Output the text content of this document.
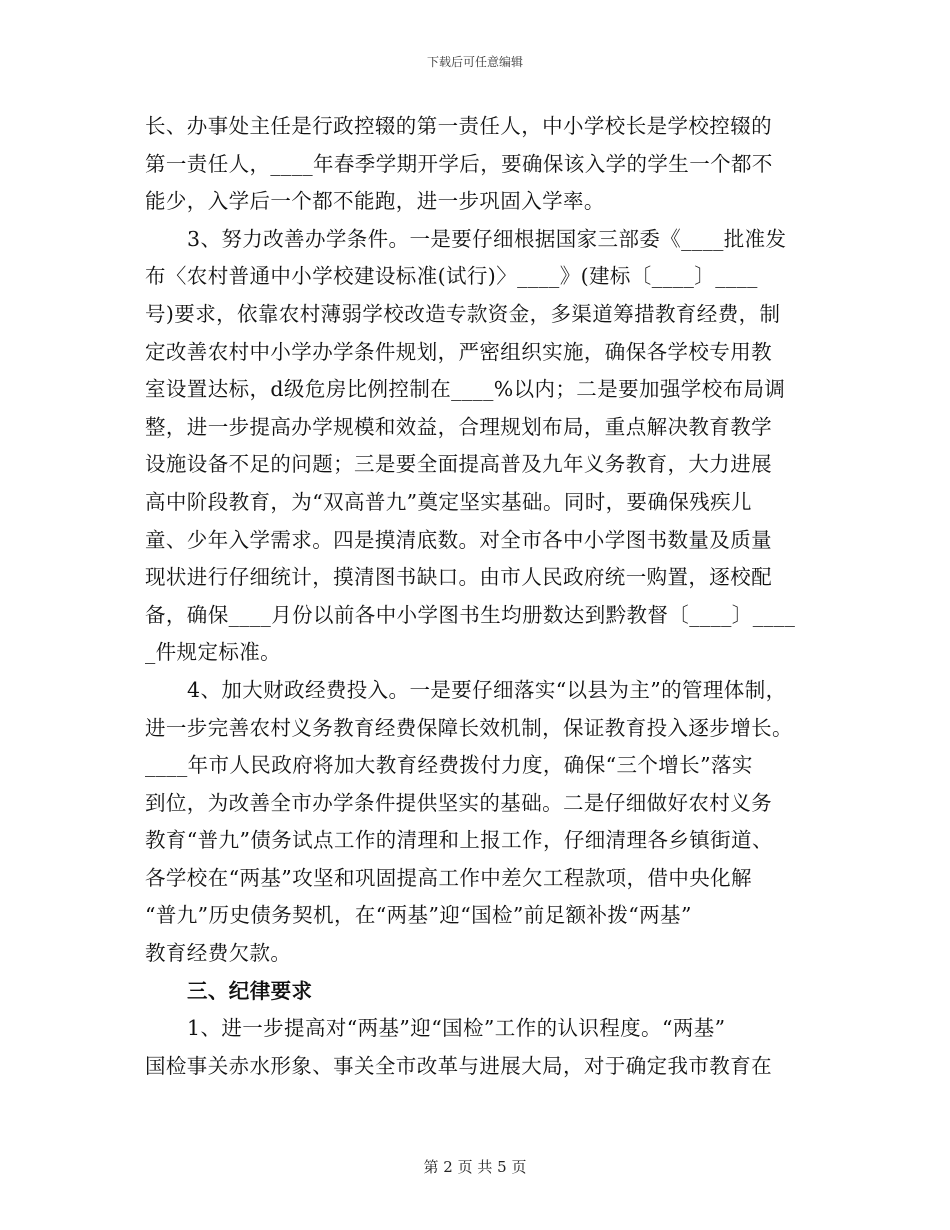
下载后可任意编辑
长、办事处主任是行政控辍的第一责任人，中小学校长是学校控辍的
第一责任人，____年春季学期开学后，要确保该入学的学生一个都不
能少，入学后一个都不能跑，进一步巩固入学率。
3、努力改善办学条件。一是要仔细根据国家三部委《____批准发
布〈农村普通中小学校建设标准(试行)〉____》(建标〔____〕____
号)要求，依靠农村薄弱学校改造专款资金，多渠道筹措教育经费，制
定改善农村中小学办学条件规划，严密组织实施，确保各学校专用教
室设置达标，d级危房比例控制在____%以内；二是要加强学校布局调
整，进一步提高办学规模和效益，合理规划布局，重点解决教育教学
设施设备不足的问题；三是要全面提高普及九年义务教育，大力进展
高中阶段教育，为“双高普九”奠定坚实基础。同时，要确保残疾儿
童、少年入学需求。四是摸清底数。对全市各中小学图书数量及质量
现状进行仔细统计，摸清图书缺口。由市人民政府统一购置，逐校配
备，确保____月份以前各中小学图书生均册数达到黔教督〔____〕____
_件规定标准。
4、加大财政经费投入。一是要仔细落实“以县为主”的管理体制，
进一步完善农村义务教育经费保障长效机制，保证教育投入逐步增长。
____年市人民政府将加大教育经费拨付力度，确保“三个增长”落实
到位，为改善全市办学条件提供坚实的基础。二是仔细做好农村义务
教育“普九”债务试点工作的清理和上报工作，仔细清理各乡镇街道、
各学校在“两基”攻坚和巩固提高工作中差欠工程款项，借中央化解
“普九”历史债务契机，在“两基”迎“国检”前足额补拨“两基”
教育经费欠款。
三、纪律要求
1、进一步提高对“两基”迎“国检”工作的认识程度。“两基”
国检事关赤水形象、事关全市改革与进展大局，对于确定我市教育在
第 2 页 共 5 页
